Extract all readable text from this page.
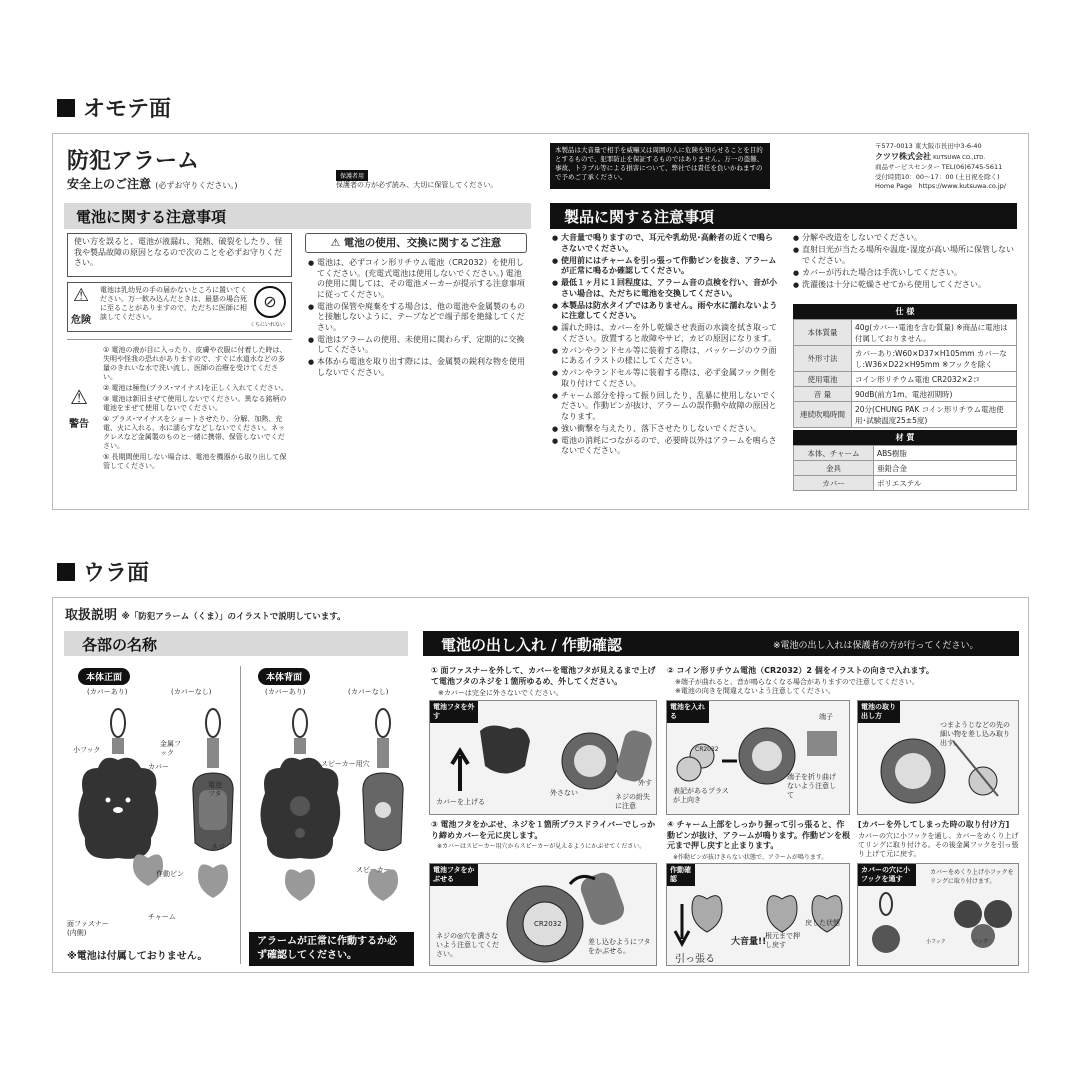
オモテ面
防犯アラーム
安全上のご注意 (必ずお守りください。)
保護者用
保護者の方が必ず読み、大切に保管してください。
本製品は大音量で相手を威嚇又は周囲の人に危険を知らせることを目的とするもので、犯罪防止を保証するものではありません。万一の盗難、事故、トラブル等による損害について、弊社では責任を負いかねますので予めご了承ください。
〒577-0013 東大阪市長田中3-6-40
クツワ株式会社 KUTSUWA CO.,LTD.
商品サービスセンター TEL(06)6745-5611
受付時間10：00～17：00 (土日祝を除く)
Home Page　https://www.kutsuwa.co.jp/
電池に関する注意事項
使い方を誤ると、電池が液漏れ、発熱、破裂をしたり、怪我や製品故障の原因となるので次のことを必ずお守りください。
⚠
危険
電池は乳幼児の手の届かないところに置いてください。万一飲み込んだときは、最悪の場合死に至ることがありますので、ただちに医師に相談してください。
⊘
くちにいれない
⚠
警告
① 電池の液が目に入ったり、皮膚や衣服に付着した時は、失明や怪我の恐れがありますので、すぐに水道水などの多量のきれいな水で洗い流し、医師の治療を受けてください。
② 電池は極性(プラス･マイナス)を正しく入れてください。
③ 電池は新旧まぜて使用しないでください。異なる銘柄の電池をまぜて使用しないでください。
④ プラス･マイナスをショートさせたり、分解、加熱、充電、火に入れる、水に濡らすなどしないでください。ネックレスなど金属製のものと一緒に携帯、保管しないでください。
⑤ 長期間使用しない場合は、電池を機器から取り出して保管してください。
⚠ 電池の使用、交換に関するご注意
● 電池は、必ずコイン形リチウム電池（CR2032）を使用してください。(充電式電池は使用しないでください。) 電池の使用に関しては、その電池メーカーが提示する注意事項に従ってください。
● 電池の保管や廃棄をする場合は、他の電池や金属製のものと接触しないように、テープなどで端子部を絶縁してください。
● 電池はアラームの使用、未使用に関わらず、定期的に交換してください。
● 本体から電池を取り出す際には、金属製の鋭利な物を使用しないでください。
製品に関する注意事項
● 大音量で鳴りますので、耳元や乳幼児･高齢者の近くで鳴らさないでください。
● 使用前にはチャームを引っ張って作動ピンを抜き、アラームが正常に鳴るか確認してください。
● 最低１ヶ月に１回程度は、アラーム音の点検を行い、音が小さい場合は、ただちに電池を交換してください。
● 本製品は防水タイプではありません。雨や水に濡れないように注意してください。
● 濡れた時は、カバーを外し乾燥させ表面の水滴を拭き取ってください。放置すると故障やサビ、カビの原因になります。
● カバンやランドセル等に装着する際は、パッケージのウラ面にあるイラストの様にしてください。
● カバンやランドセル等に装着する際は、必ず金属フック側を取り付けてください。
● チャーム部分を持って振り回したり、乱暴に使用しないでください。作動ピンが抜け、アラームの誤作動や故障の原因となります。
● 強い衝撃を与えたり、落下させたりしないでください。
● 電池の消耗につながるので、必要時以外はアラームを鳴らさないでください。
● 分解や改造をしないでください。
● 直射日光が当たる場所や温度･湿度が高い場所に保管しないでください。
● カバーが汚れた場合は手洗いしてください。
● 洗濯後は十分に乾燥させてから使用してください。
仕 様
本体質量	40g(カバー･電池を含む質量) ※商品に電池は付属しておりません。
外形寸法	カバーあり:W60×D37×H105mm カバーなし:W36×D22×H95mm ※フックを除く
使用電池	コイン形リチウム電池 CR2032×2コ
音 量	90dB(前方1m、電池初期時)
連続吹鳴時間	20分(CHUNG PAK コイン形リチウム電池使用･試験温度25±5度)
材 質
本体、チャーム	ABS樹脂
金具	亜鉛合金
カバー	ポリエステル
ウラ面
取扱説明 ※「防犯アラーム（くま）」のイラストで説明しています。
各部の名称
本体正面	本体背面
(カバーあり)	(カバーなし)	(カバーあり)	(カバーなし)
小フック
金属フック
カバー
電池フタ
ネジ
作動ピン
チャーム
面ファスナー(内側)
スピーカー用穴
スピーカー
※電池は付属しておりません。
アラームが正常に作動するか必ず確認してください。
電池の出し入れ / 作動確認	※電池の出し入れは保護者の方が行ってください。
① 面ファスナーを外して、カバーを電池フタが見えるまで上げて電池フタのネジを１箇所ゆるめ、外してください。
※カバーは完全に外さないでください。
② コイン形リチウム電池（CR2032）2 個をイラストの向きで入れます。
※端子が曲れると、音が鳴らなくなる場合がありますので注意してください。
※電池の向きを間違えないよう注意してください。
電池フタを外す
カバーを上げる
外さない
外す
ネジの紛失に注意
電池を入れる
CR2032
表記があるプラスが上向き
端子
端子を折り曲げないよう注意して
電池の取り出し方
つまようじなどの先の細い物を差し込み取り出す。
③ 電池フタをかぶせ、ネジを１箇所プラスドライバーでしっかり締めカバーを元に戻します。
※カバーはスピーカー用穴からスピーカーが見えるようにかぶせてください。
④ チャーム上部をしっかり握って引っ張ると、作動ピンが抜け、アラームが鳴ります。作動ピンを根元まで押し戻すと止まります。
※作動ピンが抜けきらない状態で、アラームが鳴ります。
[カバーを外してしまった時の取り付け方]
カバーの穴に小フックを通し、カバーをめくり上げてリングに取り付ける。その後金属フックを引っ張り上げて元に戻す。
電池フタをかぶせる
CR2032
ネジの◎穴を潰さないよう注意してください。
差し込むようにフタをかぶせる。
作動確認
引っ張る
大音量!!
根元まで押し戻す
戻した状態
カバーの穴に小フックを通す
カバーをめくり上げ小フックをリングに取り付けます。
小フック	リング
